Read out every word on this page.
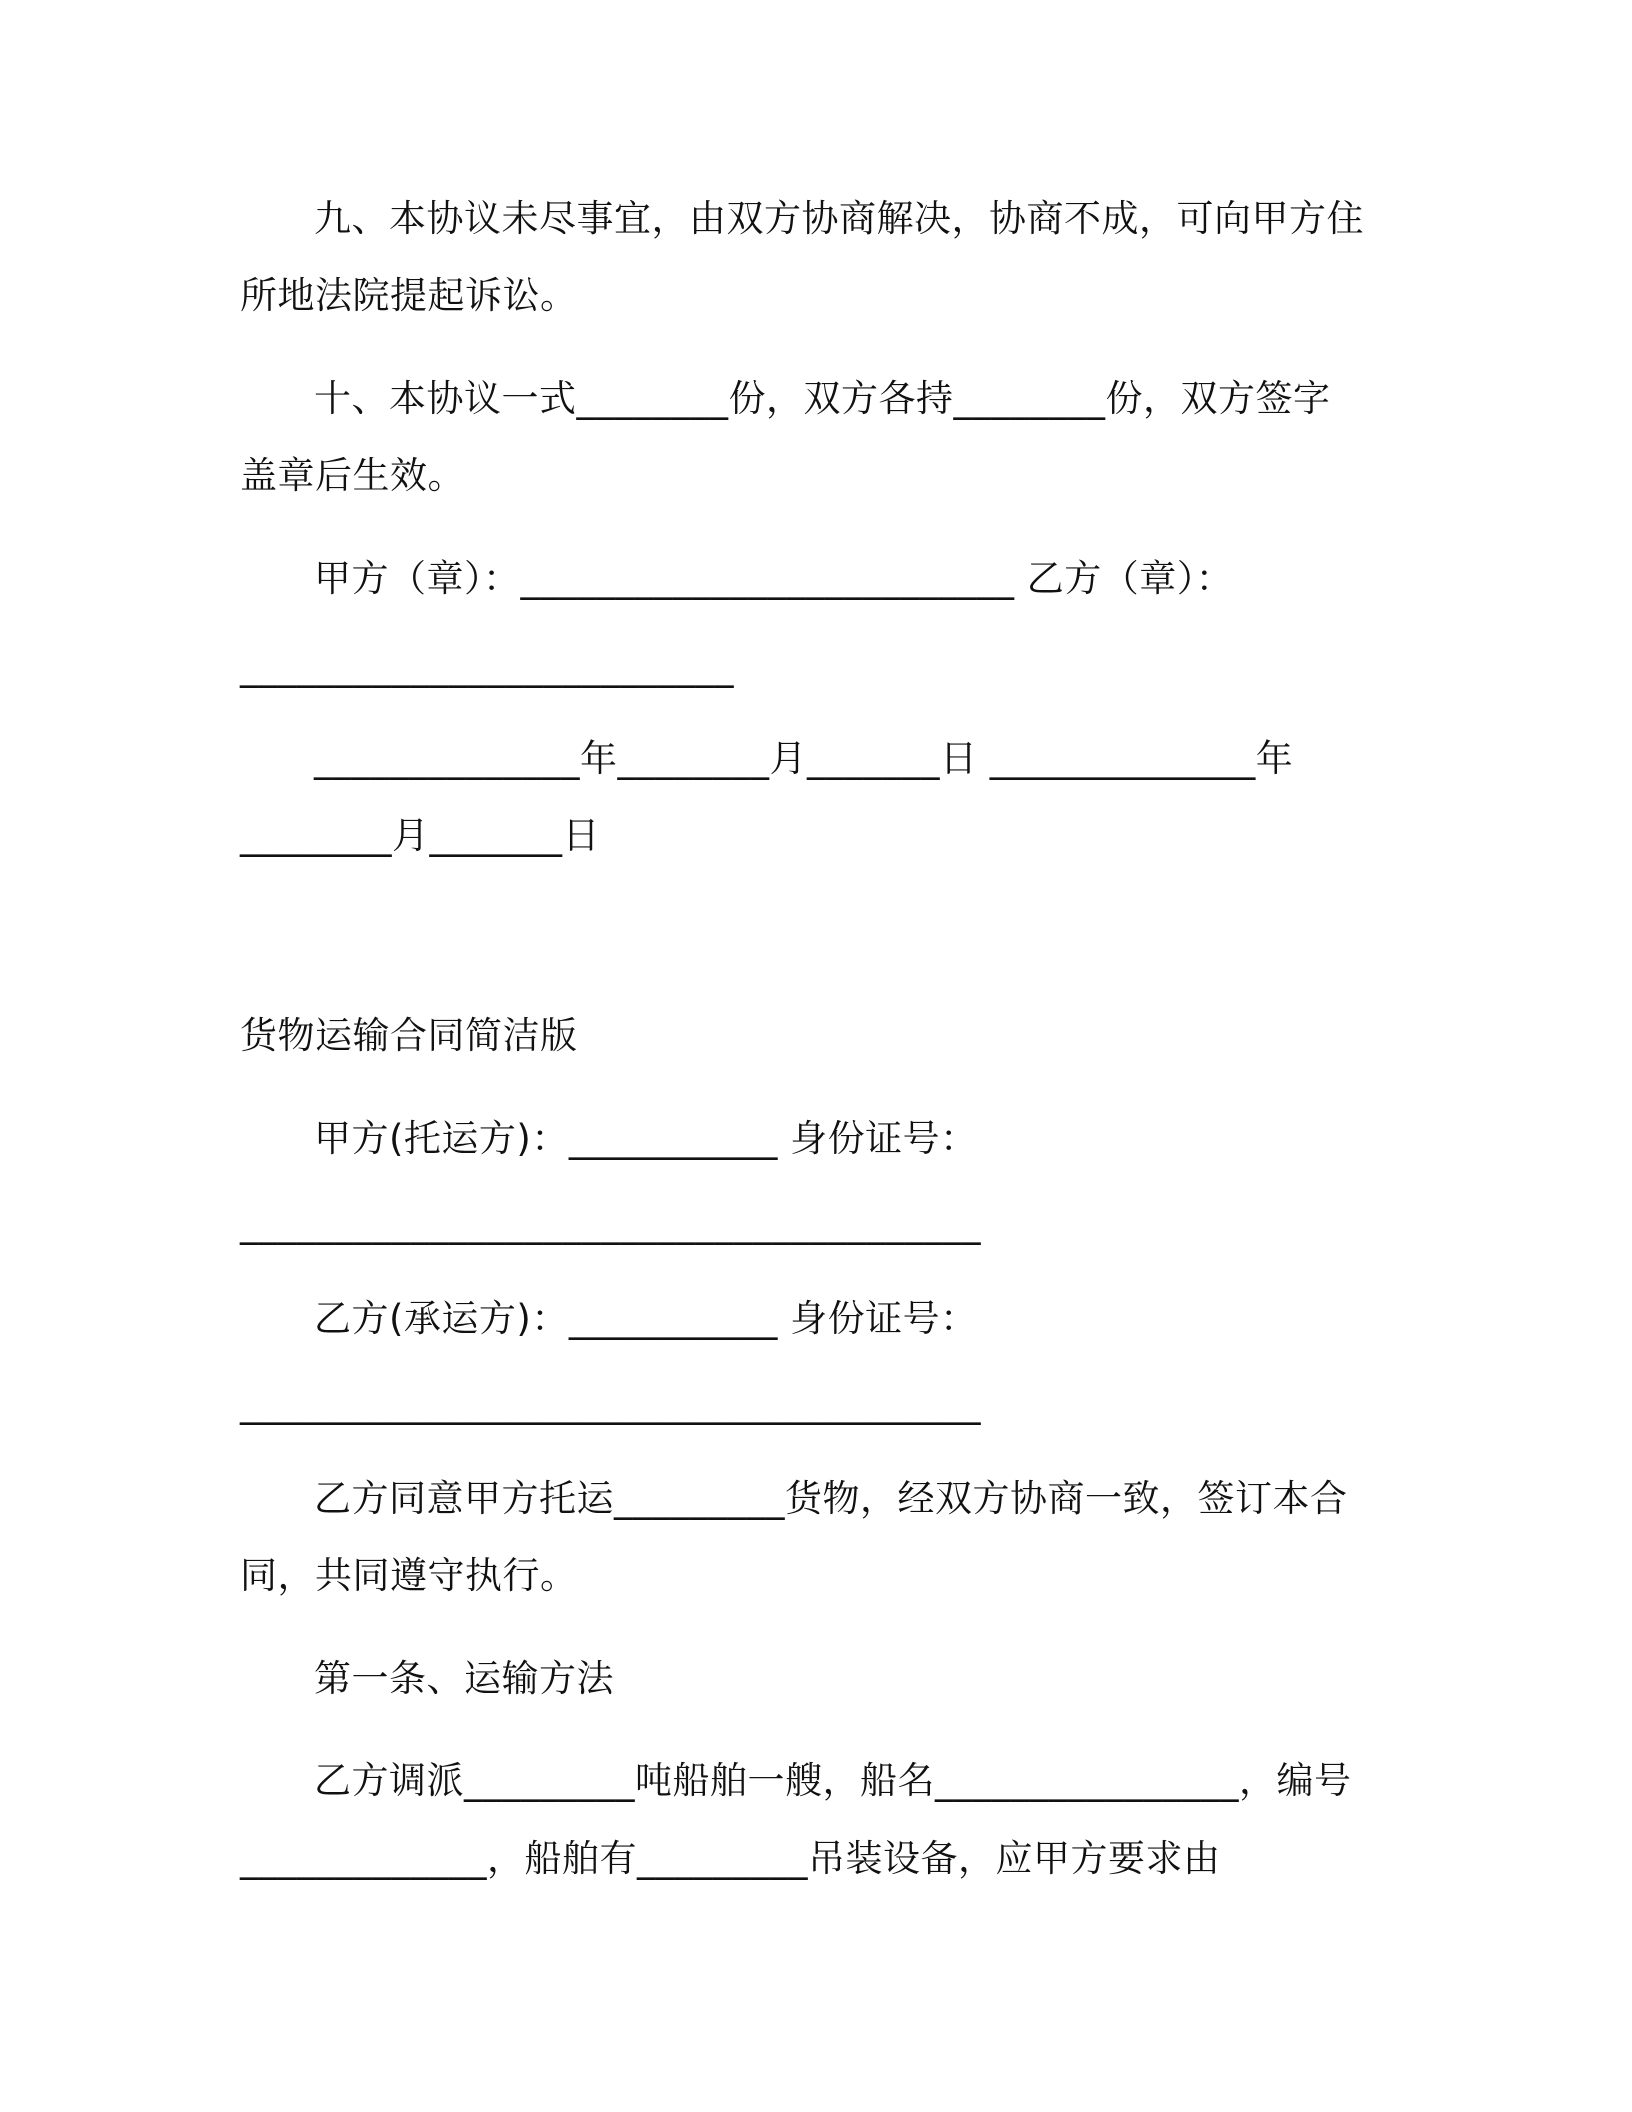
九、本协议未尽事宜，由双方协商解决，协商不成，可向甲方住
所地法院提起诉讼。
十、本协议一式________份，双方各持________份，双方签字
盖章后生效。
甲方（章）：__________________________ 乙方（章）：
__________________________
______________年________月_______日 ______________年
________月_______日
货物运输合同简洁版
甲方(托运方)：___________ 身份证号：
_______________________________________
乙方(承运方)：___________ 身份证号：
_______________________________________
乙方同意甲方托运_________货物，经双方协商一致，签订本合
同，共同遵守执行。
第一条、运输方法
乙方调派_________吨船舶一艘，船名________________，编号
_____________，船舶有_________吊装设备，应甲方要求由
